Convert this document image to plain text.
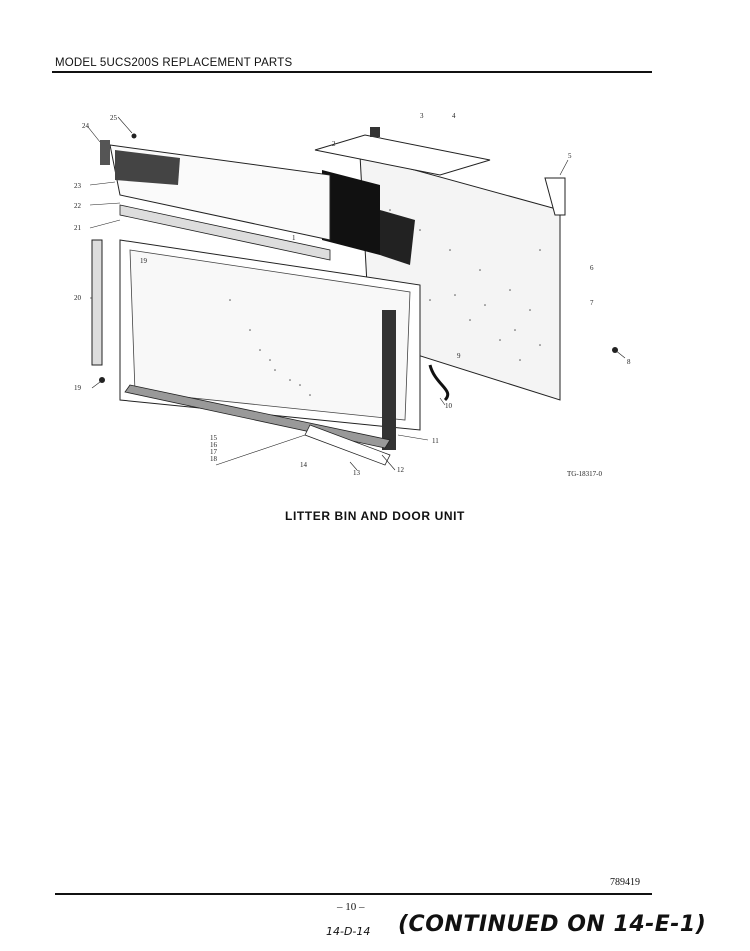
MODEL 5UCS200S REPLACEMENT PARTS
24
25
23
22
21
20
19
19
2
3	4
5
6
7
8
9
10
11
12
13
14
15
16
17
18
1
TG-18317-0
LITTER BIN AND DOOR UNIT
789419
– 10 –
14-D-14 (CONTINUED ON 14-E-1)
